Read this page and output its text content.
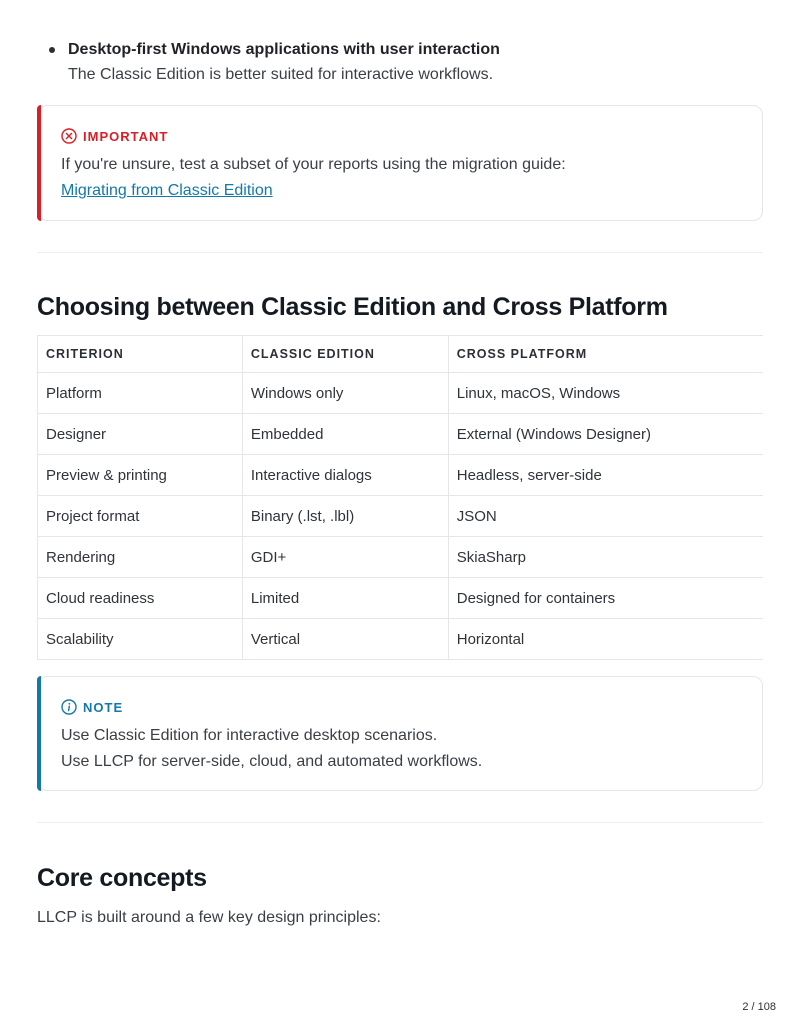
Desktop-first Windows applications with user interaction
The Classic Edition is better suited for interactive workflows.
IMPORTANT
If you're unsure, test a subset of your reports using the migration guide:
Migrating from Classic Edition
Choosing between Classic Edition and Cross Platform
CRITERION	CLASSIC EDITION	CROSS PLATFORM
Platform	Windows only	Linux, macOS, Windows
Designer	Embedded	External (Windows Designer)
Preview & printing	Interactive dialogs	Headless, server-side
Project format	Binary (.lst, .lbl)	JSON
Rendering	GDI+	SkiaSharp
Cloud readiness	Limited	Designed for containers
Scalability	Vertical	Horizontal
NOTE
Use Classic Edition for interactive desktop scenarios.
Use LLCP for server-side, cloud, and automated workflows.
Core concepts
LLCP is built around a few key design principles:
2 / 108
